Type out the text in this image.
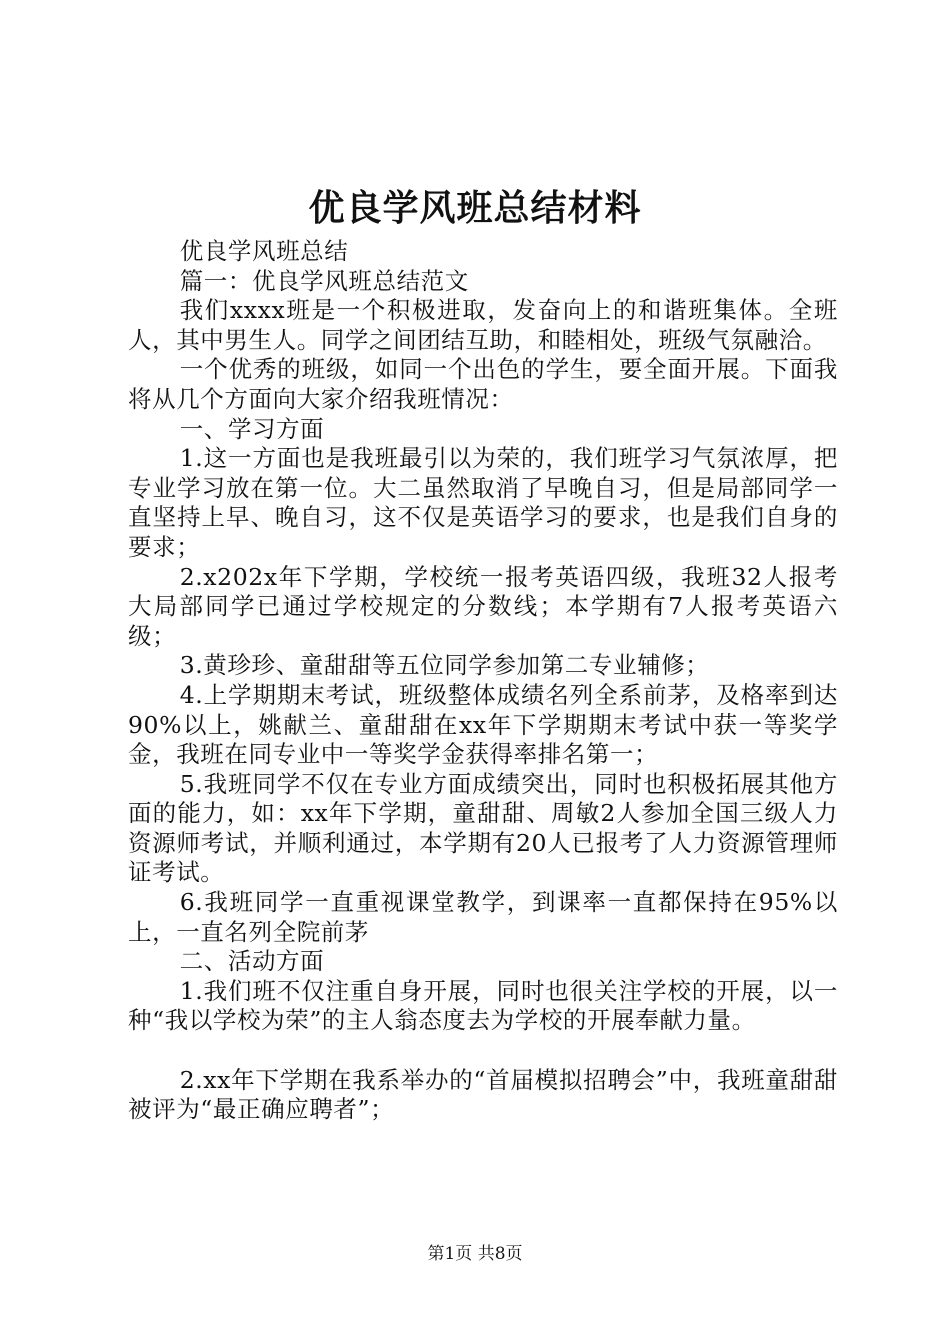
优良学风班总结材料

优良学风班总结

篇一：优良学风班总结范文

我们xxxx班是一个积极进取，发奋向上的和谐班集体。全班人，其中男生人。同学之间团结互助，和睦相处，班级气氛融洽。

一个优秀的班级，如同一个出色的学生，要全面开展。下面我将从几个方面向大家介绍我班情况：

一、学习方面

1.这一方面也是我班最引以为荣的，我们班学习气氛浓厚，把专业学习放在第一位。大二虽然取消了早晚自习，但是局部同学一直坚持上早、晚自习，这不仅是英语学习的要求，也是我们自身的要求；

2.x202x年下学期，学校统一报考英语四级，我班32人报考大局部同学已通过学校规定的分数线；本学期有7人报考英语六级；

3.黄珍珍、童甜甜等五位同学参加第二专业辅修；

4.上学期期末考试，班级整体成绩名列全系前茅，及格率到达90%以上，姚献兰、童甜甜在xx年下学期期末考试中获一等奖学金，我班在同专业中一等奖学金获得率排名第一；

5.我班同学不仅在专业方面成绩突出，同时也积极拓展其他方面的能力，如：xx年下学期，童甜甜、周敏2人参加全国三级人力资源师考试，并顺利通过，本学期有20人已报考了人力资源管理师证考试。

6.我班同学一直重视课堂教学，到课率一直都保持在95%以上，一直名列全院前茅

二、活动方面

1.我们班不仅注重自身开展，同时也很关注学校的开展，以一种“我以学校为荣”的主人翁态度去为学校的开展奉献力量。

2.xx年下学期在我系举办的“首届模拟招聘会”中，我班童甜甜被评为“最正确应聘者”；

第1页 共8页
